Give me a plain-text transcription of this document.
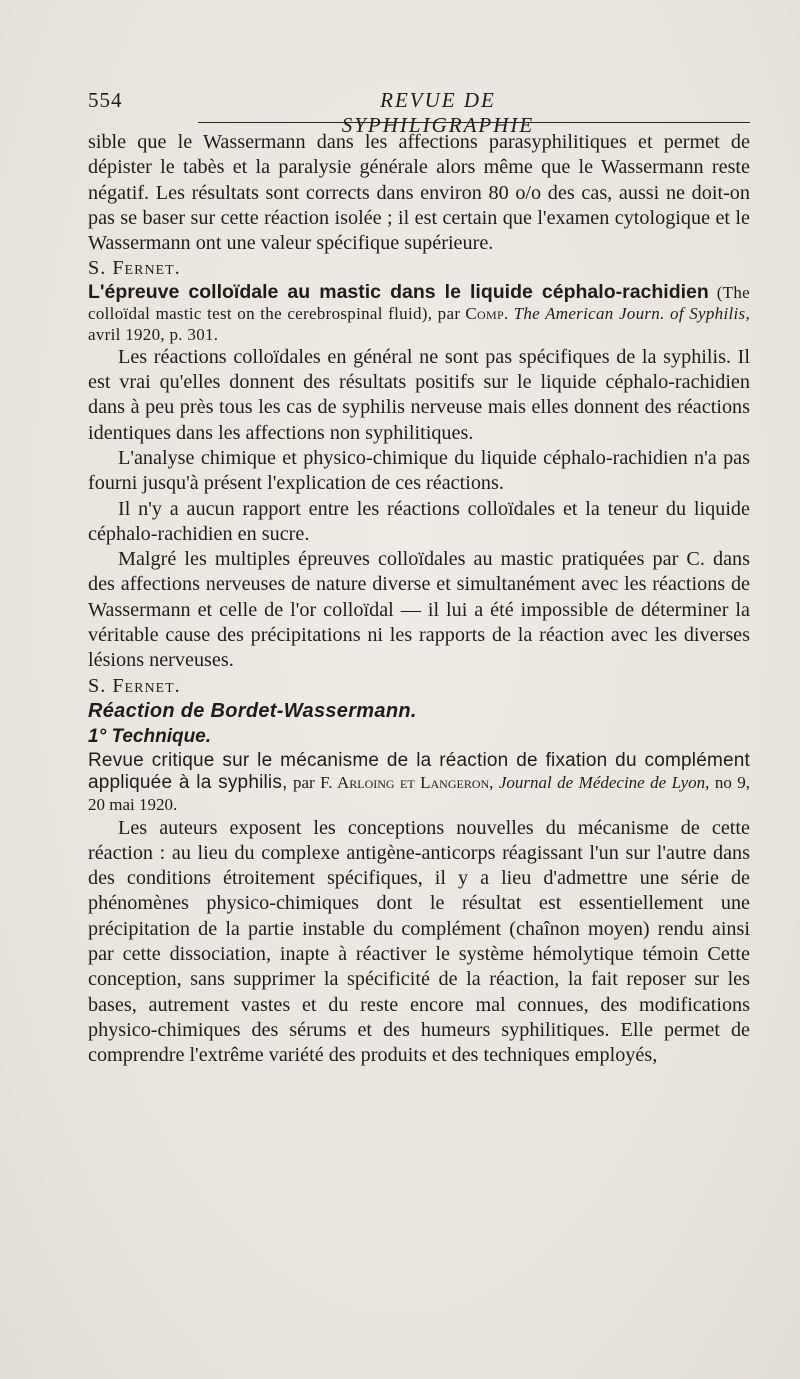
554	REVUE DE SYPHILIGRAPHIE

sible que le Wassermann dans les affections parasyphilitiques et permet de dépister le tabès et la paralysie générale alors même que le Wassermann reste négatif. Les résultats sont corrects dans environ 80 o/o des cas, aussi ne doit-on pas se baser sur cette réaction isolée ; il est certain que l'examen cytologique et le Wassermann ont une valeur spécifique supérieure.

S. Fernet.

L'épreuve colloïdale au mastic dans le liquide céphalo-rachidien (The colloïdal mastic test on the cerebrospinal fluid), par Comp. The American Journ. of Syphilis, avril 1920, p. 301.

Les réactions colloïdales en général ne sont pas spécifiques de la syphilis. Il est vrai qu'elles donnent des résultats positifs sur le liquide céphalo-rachidien dans à peu près tous les cas de syphilis nerveuse mais elles donnent des réactions identiques dans les affections non syphilitiques.

L'analyse chimique et physico-chimique du liquide céphalo-rachidien n'a pas fourni jusqu'à présent l'explication de ces réactions.

Il n'y a aucun rapport entre les réactions colloïdales et la teneur du liquide céphalo-rachidien en sucre.

Malgré les multiples épreuves colloïdales au mastic pratiquées par C. dans des affections nerveuses de nature diverse et simultanément avec les réactions de Wassermann et celle de l'or colloïdal — il lui a été impossible de déterminer la véritable cause des précipitations ni les rapports de la réaction avec les diverses lésions nerveuses.

S. Fernet.

Réaction de Bordet-Wassermann.

1° Technique.

Revue critique sur le mécanisme de la réaction de fixation du complément appliquée à la syphilis, par F. Arloing et Langeron, Journal de Médecine de Lyon, no 9, 20 mai 1920.

Les auteurs exposent les conceptions nouvelles du mécanisme de cette réaction : au lieu du complexe antigène-anticorps réagissant l'un sur l'autre dans des conditions étroitement spécifiques, il y a lieu d'admettre une série de phénomènes physico-chimiques dont le résultat est essentiellement une précipitation de la partie instable du complément (chaînon moyen) rendu ainsi par cette dissociation, inapte à réactiver le système hémolytique témoin Cette conception, sans supprimer la spécificité de la réaction, la fait reposer sur les bases, autrement vastes et du reste encore mal connues, des modifications physico-chimiques des sérums et des humeurs syphilitiques. Elle permet de comprendre l'extrême variété des produits et des techniques employés,
